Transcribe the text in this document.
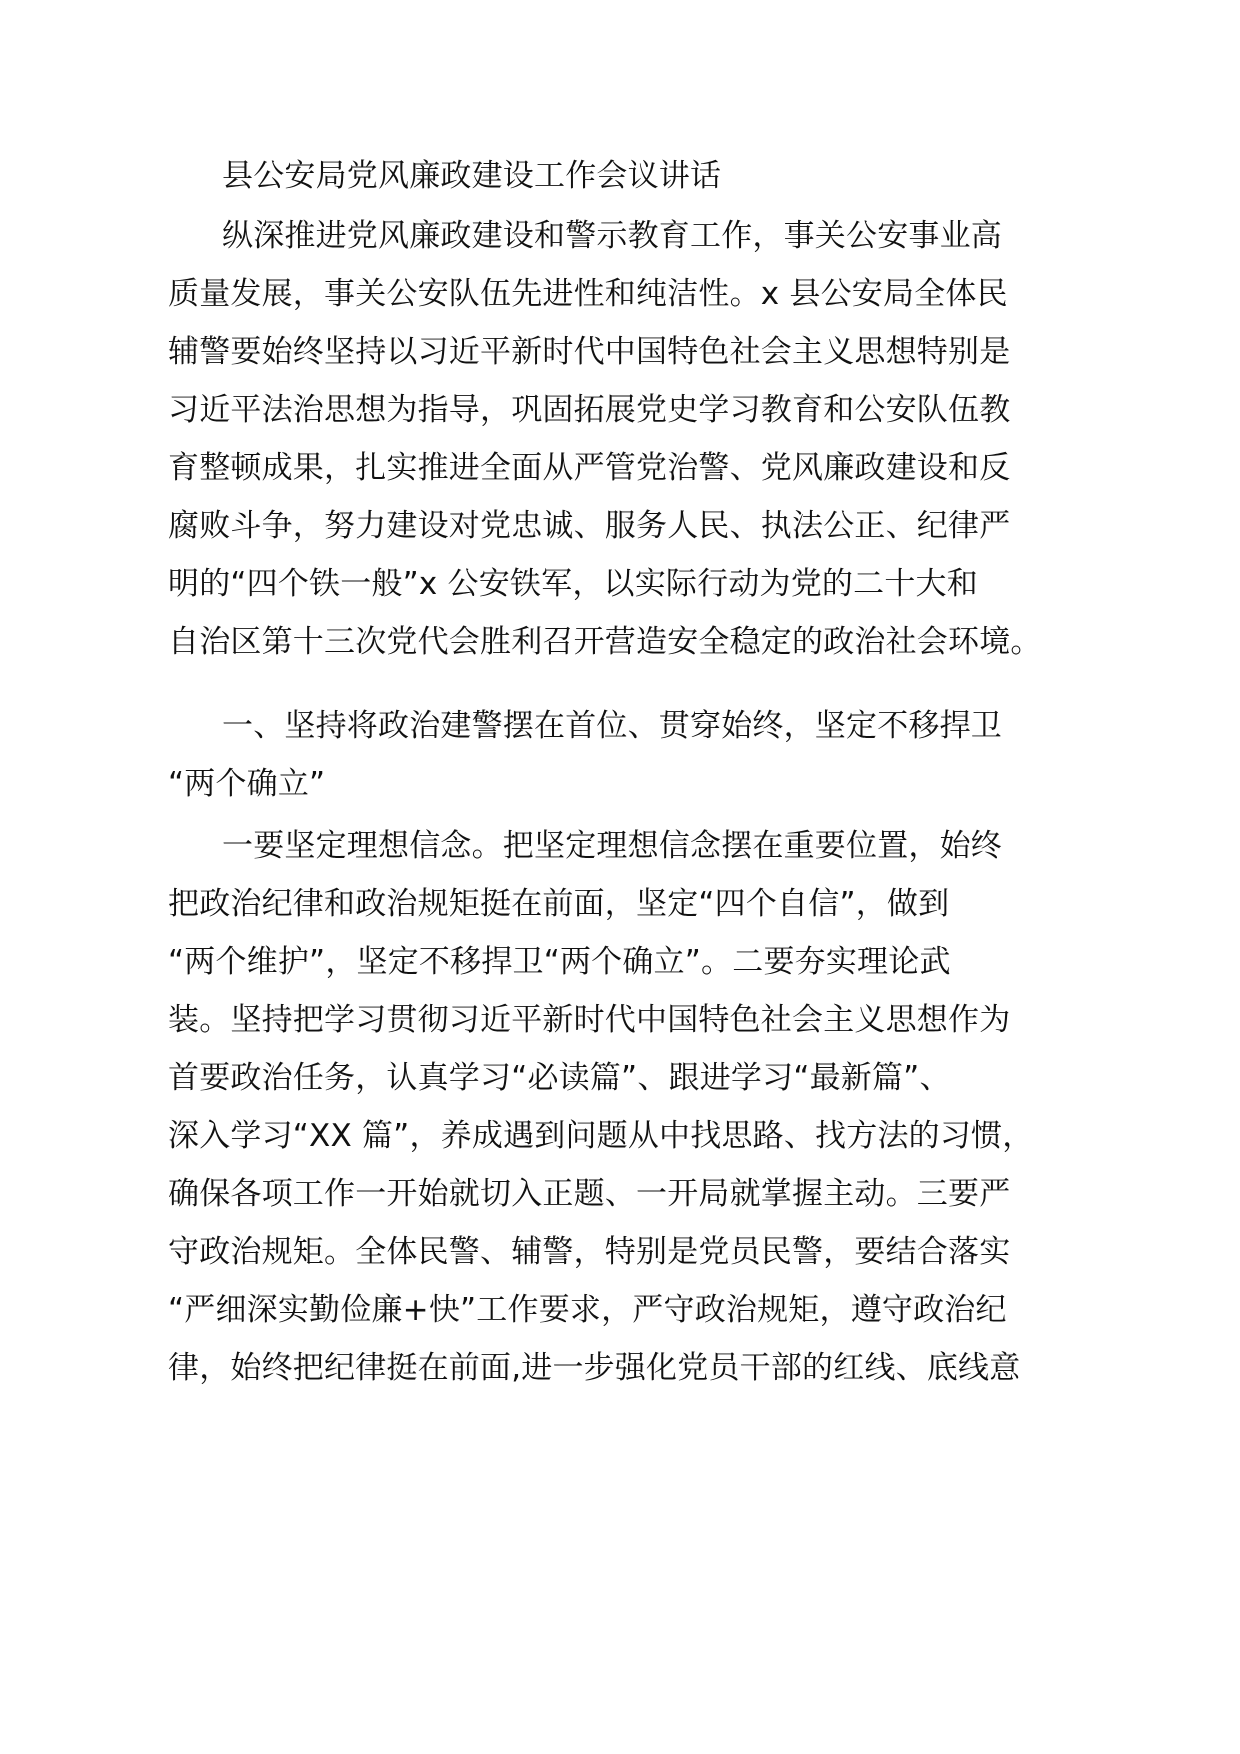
县公安局党风廉政建设工作会议讲话
纵深推进党风廉政建设和警示教育工作，事关公安事业高
质量发展，事关公安队伍先进性和纯洁性。x 县公安局全体民
辅警要始终坚持以习近平新时代中国特色社会主义思想特别是
习近平法治思想为指导，巩固拓展党史学习教育和公安队伍教
育整顿成果，扎实推进全面从严管党治警、党风廉政建设和反
腐败斗争，努力建设对党忠诚、服务人民、执法公正、纪律严
明的“四个铁一般”x 公安铁军，以实际行动为党的二十大和
自治区第十三次党代会胜利召开营造安全稳定的政治社会环境。
一、坚持将政治建警摆在首位、贯穿始终，坚定不移捍卫
“两个确立”
一要坚定理想信念。把坚定理想信念摆在重要位置，始终
把政治纪律和政治规矩挺在前面，坚定“四个自信”，做到
“两个维护”，坚定不移捍卫“两个确立”。二要夯实理论武
装。坚持把学习贯彻习近平新时代中国特色社会主义思想作为
首要政治任务，认真学习“必读篇”、跟进学习“最新篇”、
深入学习“XX 篇”，养成遇到问题从中找思路、找方法的习惯，
确保各项工作一开始就切入正题、一开局就掌握主动。三要严
守政治规矩。全体民警、辅警，特别是党员民警，要结合落实
“严细深实勤俭廉+快”工作要求，严守政治规矩，遵守政治纪
律，始终把纪律挺在前面,进一步强化党员干部的红线、底线意
